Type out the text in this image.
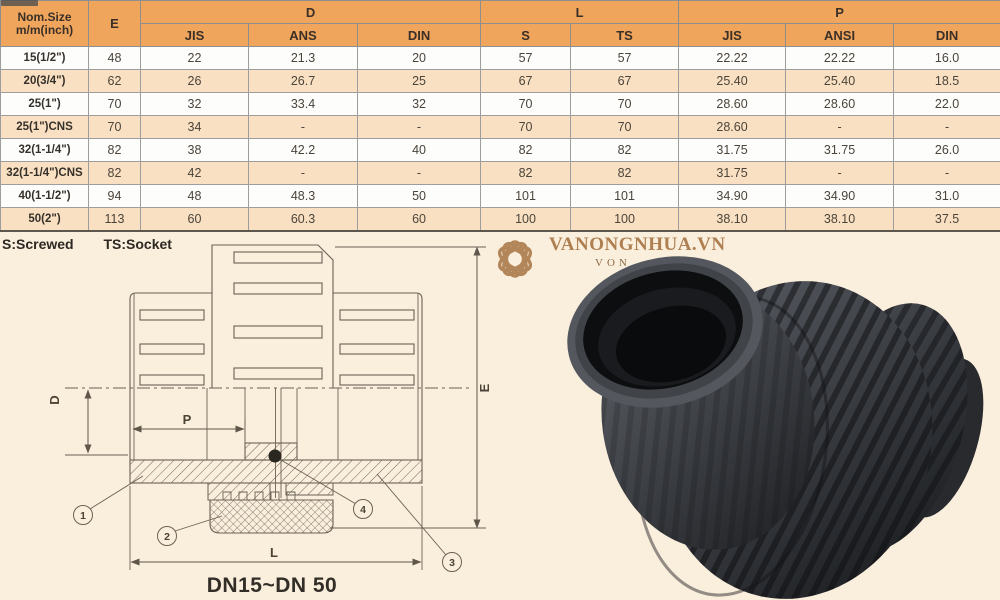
Nom.Size
m/m(inch)	E	D			L		P		
		JIS	ANS	DIN	S	TS	JIS	ANSI	DIN
15(1/2")	48	22	21.3	20	57	57	22.22	22.22	16.0
20(3/4")	62	26	26.7	25	67	67	25.40	25.40	18.5
25(1")	70	32	33.4	32	70	70	28.60	28.60	22.0
25(1")CNS	70	34	-	-	70	70	28.60	-	-
32(1-1/4")	82	38	42.2	40	82	82	31.75	31.75	26.0
32(1-1/4")CNS	82	42	-	-	82	82	31.75	-	-
40(1-1/2")	94	48	48.3	50	101	101	34.90	34.90	31.0
50(2")	113	60	60.3	60	100	100	38.10	38.10	37.5
S:Screwed TS:Socket
E
D
P
L
1
2
3
4
DN15~DN 50
VANONGNHUA.VN
VON
